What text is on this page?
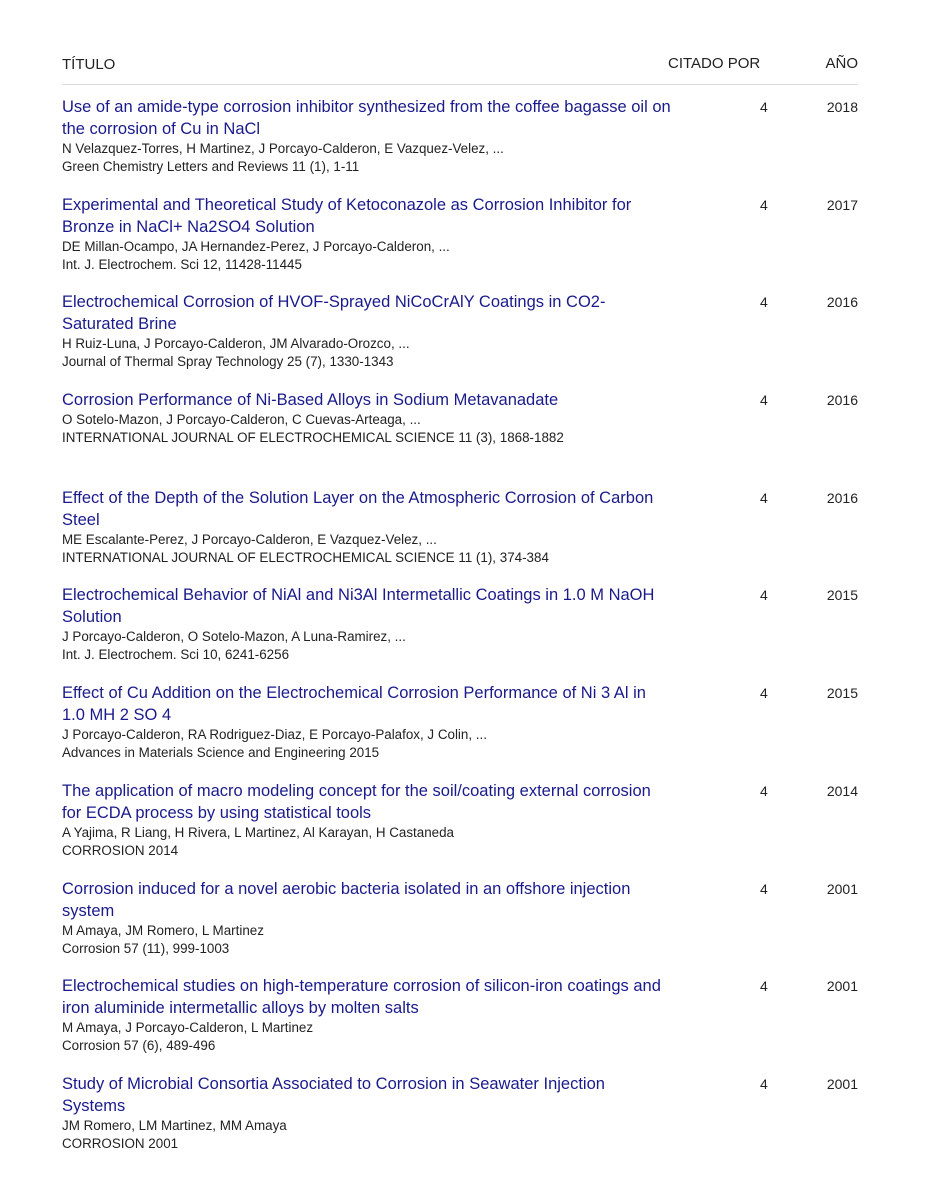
TÍTULO	CITADO POR	AÑO
Use of an amide-type corrosion inhibitor synthesized from the coffee bagasse oil on the corrosion of Cu in NaCl
N Velazquez-Torres, H Martinez, J Porcayo-Calderon, E Vazquez-Velez, ...
Green Chemistry Letters and Reviews 11 (1), 1-11
4	2018
Experimental and Theoretical Study of Ketoconazole as Corrosion Inhibitor for Bronze in NaCl+ Na2SO4 Solution
DE Millan-Ocampo, JA Hernandez-Perez, J Porcayo-Calderon, ...
Int. J. Electrochem. Sci 12, 11428-11445
4	2017
Electrochemical Corrosion of HVOF-Sprayed NiCoCrAlY Coatings in CO2-Saturated Brine
H Ruiz-Luna, J Porcayo-Calderon, JM Alvarado-Orozco, ...
Journal of Thermal Spray Technology 25 (7), 1330-1343
4	2016
Corrosion Performance of Ni-Based Alloys in Sodium Metavanadate
O Sotelo-Mazon, J Porcayo-Calderon, C Cuevas-Arteaga, ...
INTERNATIONAL JOURNAL OF ELECTROCHEMICAL SCIENCE 11 (3), 1868-1882
4	2016
Effect of the Depth of the Solution Layer on the Atmospheric Corrosion of Carbon Steel
ME Escalante-Perez, J Porcayo-Calderon, E Vazquez-Velez, ...
INTERNATIONAL JOURNAL OF ELECTROCHEMICAL SCIENCE 11 (1), 374-384
4	2016
Electrochemical Behavior of NiAl and Ni3Al Intermetallic Coatings in 1.0 M NaOH Solution
J Porcayo-Calderon, O Sotelo-Mazon, A Luna-Ramirez, ...
Int. J. Electrochem. Sci 10, 6241-6256
4	2015
Effect of Cu Addition on the Electrochemical Corrosion Performance of Ni 3 Al in 1.0 MH 2 SO 4
J Porcayo-Calderon, RA Rodriguez-Diaz, E Porcayo-Palafox, J Colin, ...
Advances in Materials Science and Engineering 2015
4	2015
The application of macro modeling concept for the soil/coating external corrosion for ECDA process by using statistical tools
A Yajima, R Liang, H Rivera, L Martinez, Al Karayan, H Castaneda
CORROSION 2014
4	2014
Corrosion induced for a novel aerobic bacteria isolated in an offshore injection system
M Amaya, JM Romero, L Martinez
Corrosion 57 (11), 999-1003
4	2001
Electrochemical studies on high-temperature corrosion of silicon-iron coatings and iron aluminide intermetallic alloys by molten salts
M Amaya, J Porcayo-Calderon, L Martinez
Corrosion 57 (6), 489-496
4	2001
Study of Microbial Consortia Associated to Corrosion in Seawater Injection Systems
JM Romero, LM Martinez, MM Amaya
CORROSION 2001
4	2001
